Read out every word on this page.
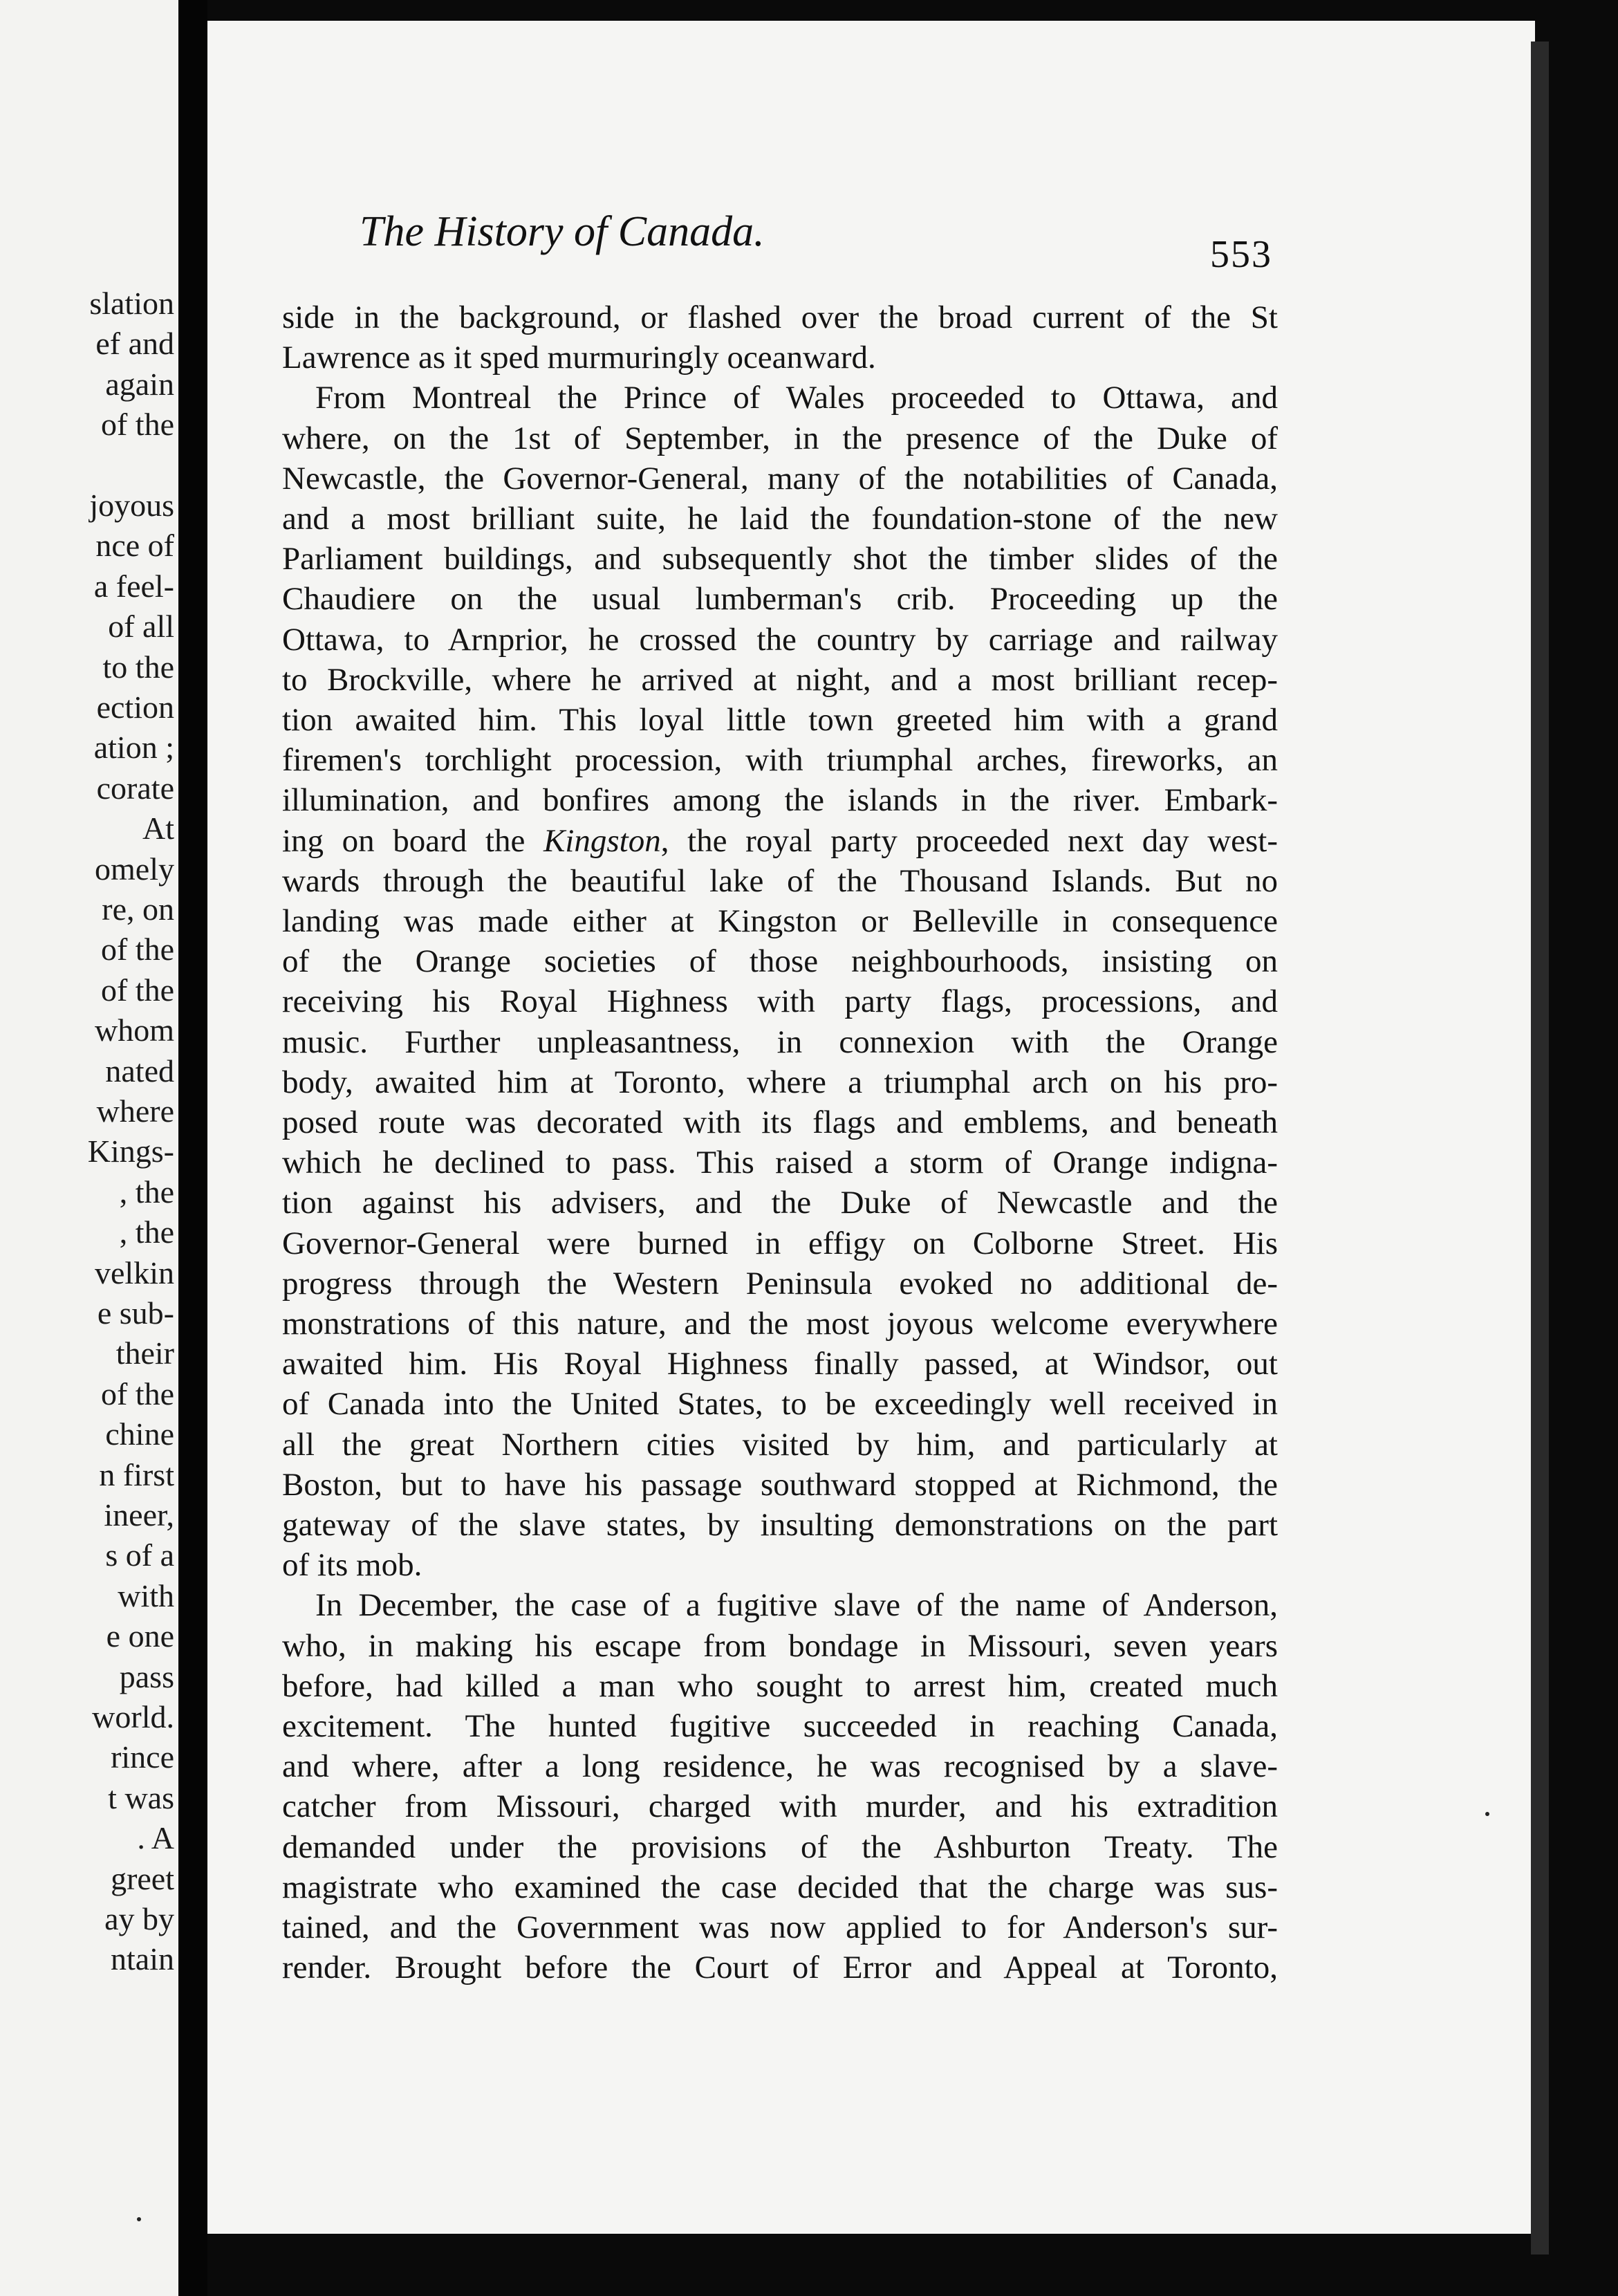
slation
ef and
again
of the
joyous
nce of
a feel-
of all
to the
ection
ation ;
corate
At
omely
re, on
of the
of the
whom
nated
where
Kings-
, the
, the
velkin
e sub-
their
of the
chine
n first
ineer,
s of a
with
e one
pass
world.
rince
t was
. A
greet
ay by
ntain
The History of Canada.	553
side in the background, or flashed over the broad current of the St
Lawrence as it sped murmuringly oceanward.
From Montreal the Prince of Wales proceeded to Ottawa, and
where, on the 1st of September, in the presence of the Duke of
Newcastle, the Governor-General, many of the notabilities of Canada,
and a most brilliant suite, he laid the foundation-stone of the new
Parliament buildings, and subsequently shot the timber slides of the
Chaudiere on the usual lumberman's crib. Proceeding up the
Ottawa, to Arnprior, he crossed the country by carriage and railway
to Brockville, where he arrived at night, and a most brilliant recep-
tion awaited him. This loyal little town greeted him with a grand
firemen's torchlight procession, with triumphal arches, fireworks, an
illumination, and bonfires among the islands in the river. Embark-
ing on board the Kingston, the royal party proceeded next day west-
wards through the beautiful lake of the Thousand Islands. But no
landing was made either at Kingston or Belleville in consequence
of the Orange societies of those neighbourhoods, insisting on
receiving his Royal Highness with party flags, processions, and
music. Further unpleasantness, in connexion with the Orange
body, awaited him at Toronto, where a triumphal arch on his pro-
posed route was decorated with its flags and emblems, and beneath
which he declined to pass. This raised a storm of Orange indigna-
tion against his advisers, and the Duke of Newcastle and the
Governor-General were burned in effigy on Colborne Street. His
progress through the Western Peninsula evoked no additional de-
monstrations of this nature, and the most joyous welcome everywhere
awaited him. His Royal Highness finally passed, at Windsor, out
of Canada into the United States, to be exceedingly well received in
all the great Northern cities visited by him, and particularly at
Boston, but to have his passage southward stopped at Richmond, the
gateway of the slave states, by insulting demonstrations on the part
of its mob.
In December, the case of a fugitive slave of the name of Anderson,
who, in making his escape from bondage in Missouri, seven years
before, had killed a man who sought to arrest him, created much
excitement. The hunted fugitive succeeded in reaching Canada,
and where, after a long residence, he was recognised by a slave-
catcher from Missouri, charged with murder, and his extradition
demanded under the provisions of the Ashburton Treaty. The
magistrate who examined the case decided that the charge was sus-
tained, and the Government was now applied to for Anderson's sur-
render. Brought before the Court of Error and Appeal at Toronto,
